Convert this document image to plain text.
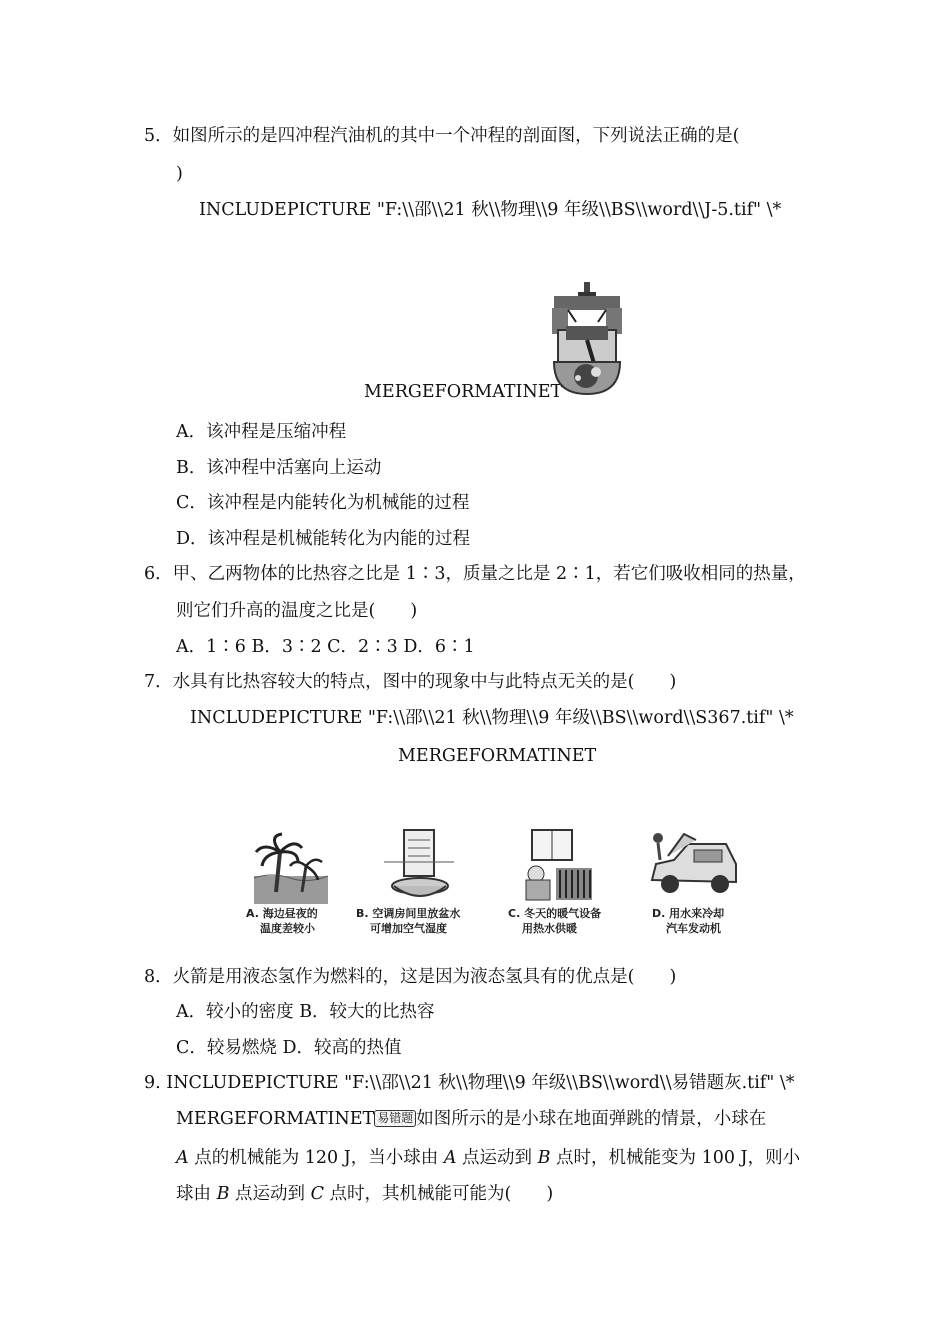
5．如图所示的是四冲程汽油机的其中一个冲程的剖面图，下列说法正确的是(
)
INCLUDEPICTURE "F:\\邵\\21 秋\\物理\\9 年级\\BS\\word\\J-5.tif" \*
MERGEFORMATINET
A．该冲程是压缩冲程
B．该冲程中活塞向上运动
C．该冲程是内能转化为机械能的过程
D．该冲程是机械能转化为内能的过程
6．甲、乙两物体的比热容之比是 1∶3，质量之比是 2∶1，若它们吸收相同的热量，
则它们升高的温度之比是(　　)
A．1∶6 B．3∶2 C．2∶3 D．6∶1
7．水具有比热容较大的特点，图中的现象中与此特点无关的是(　　)
INCLUDEPICTURE "F:\\邵\\21 秋\\物理\\9 年级\\BS\\word\\S367.tif" \*
MERGEFORMATINET
A. 海边昼夜的
温度差较小
B. 空调房间里放盆水
可增加空气湿度
C. 冬天的暖气设备
用热水供暖
D. 用水来冷却
汽车发动机
8．火箭是用液态氢作为燃料的，这是因为液态氢具有的优点是(　　)
A．较小的密度 B．较大的比热容
C．较易燃烧 D．较高的热值
9. INCLUDEPICTURE "F:\\邵\\21 秋\\物理\\9 年级\\BS\\word\\易错题灰.tif" \*
MERGEFORMATINET 易错题 如图所示的是小球在地面弹跳的情景，小球在
A 点的机械能为 120 J，当小球由 A 点运动到 B 点时，机械能变为 100 J，则小
球由 B 点运动到 C 点时，其机械能可能为(　　)
